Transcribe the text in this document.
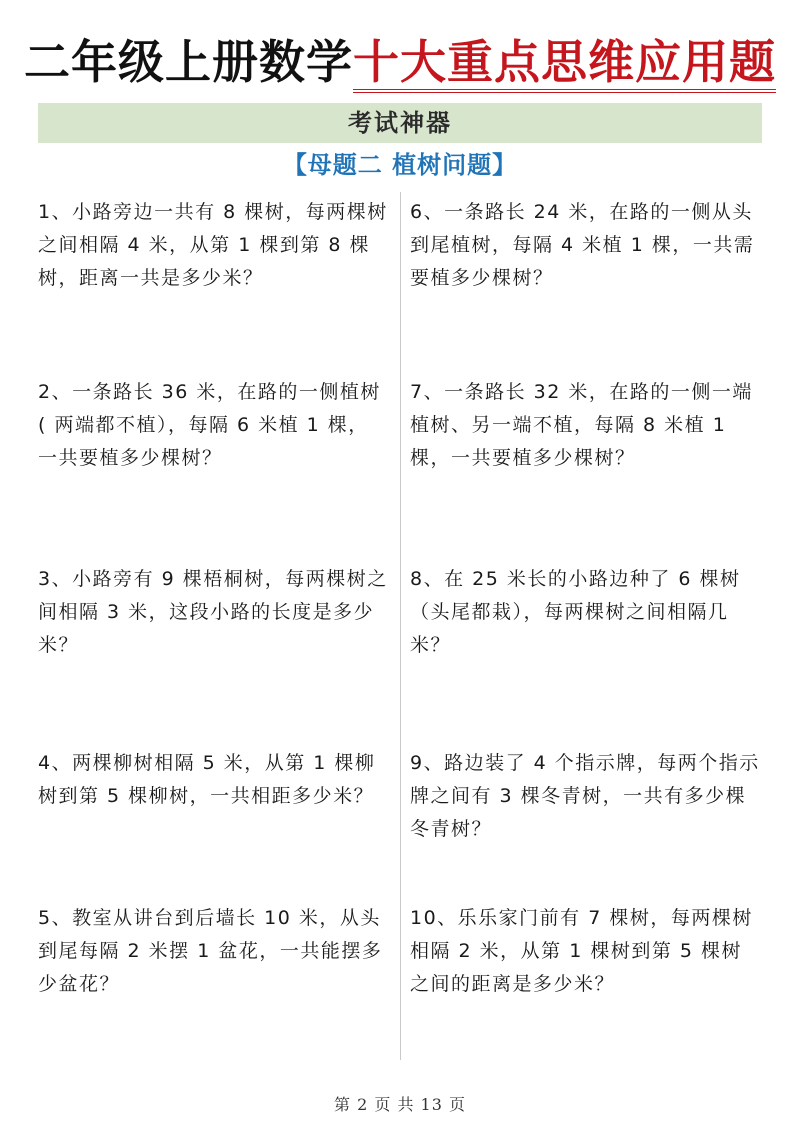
二年级上册数学十大重点思维应用题
考试神器
【母题二 植树问题】
1、小路旁边一共有 8 棵树，每两棵树之间相隔 4 米，从第 1 棵到第 8 棵树，距离一共是多少米？
2、一条路长 36 米，在路的一侧植树( 两端都不植），每隔 6 米植 1 棵，一共要植多少棵树？
3、小路旁有 9 棵梧桐树，每两棵树之间相隔 3 米，这段小路的长度是多少米？
4、两棵柳树相隔 5 米，从第 1 棵柳树到第 5 棵柳树，一共相距多少米？
5、教室从讲台到后墙长 10 米，从头到尾每隔 2 米摆 1 盆花，一共能摆多少盆花？
6、一条路长 24 米，在路的一侧从头到尾植树，每隔 4 米植 1 棵，一共需要植多少棵树？
7、一条路长 32 米，在路的一侧一端植树、另一端不植，每隔 8 米植 1 棵，一共要植多少棵树？
8、在 25 米长的小路边种了 6 棵树（头尾都栽），每两棵树之间相隔几米？
9、路边装了 4 个指示牌，每两个指示牌之间有 3 棵冬青树，一共有多少棵冬青树？
10、乐乐家门前有 7 棵树，每两棵树相隔 2 米，从第 1 棵树到第 5 棵树之间的距离是多少米？
第 2 页 共 13 页
